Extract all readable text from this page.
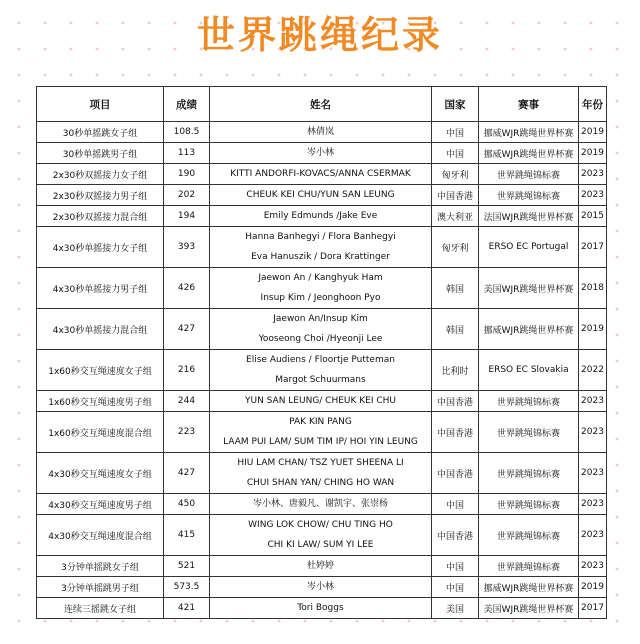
世界跳绳纪录
项目	成绩	姓名	国家	赛事	年份
30秒单摇跳女子组	108.5	林倩岚	中国	挪威WJR跳绳世界杯赛	2019
30秒单摇跳男子组	113	岑小林	中国	挪威WJR跳绳世界杯赛	2019
2x30秒双摇接力女子组	190	KITTI ANDORFI-KOVACS/ANNA CSERMAK	匈牙利	世界跳绳锦标赛	2023
2x30秒双摇接力男子组	202	CHEUK KEI CHU/YUN SAN LEUNG	中国香港	世界跳绳锦标赛	2023
2x30秒双摇接力混合组	194	Emily Edmunds /Jake Eve	澳大利亚	法国WJR跳绳世界杯赛	2015
4x30秒单摇接力女子组	393	Hanna Banhegyi / Flora Banhegyi
Eva Hanuszik / Dora Krattinger	匈牙利	ERSO EC Portugal	2017
4x30秒单摇接力男子组	426	Jaewon An / Kanghyuk Ham
Insup Kim / Jeonghoon Pyo	韩国	美国WJR跳绳世界杯赛	2018
4x30秒单摇接力混合组	427	Jaewon An/Insup Kim
Yooseong Choi /Hyeonji Lee	韩国	挪威WJR跳绳世界杯赛	2019
1x60秒交互绳速度女子组	216	Elise Audiens / Floortje Putteman
Margot Schuurmans	比利时	ERSO EC Slovakia	2022
1x60秒交互绳速度男子组	244	YUN SAN LEUNG/ CHEUK KEI CHU	中国香港	世界跳绳锦标赛	2023
1x60秒交互绳速度混合组	223	PAK KIN PANG
LAAM PUI LAM/ SUM TIM IP/ HOI YIN LEUNG	中国香港	世界跳绳锦标赛	2023
4x30秒交互绳速度女子组	427	HIU LAM CHAN/ TSZ YUET SHEENA LI
CHUI SHAN YAN/ CHING HO WAN	中国香港	世界跳绳锦标赛	2023
4x30秒交互绳速度男子组	450	岑小林、唐毅凡、谢凯宇、张崇杨	中国	世界跳绳锦标赛	2023
4x30秒交互绳速度混合组	415	WING LOK CHOW/ CHU TING HO
CHI KI LAW/ SUM YI LEE	中国香港	世界跳绳锦标赛	2023
3分钟单摇跳女子组	521	杜婷婷	中国	世界跳绳锦标赛	2023
3分钟单摇跳男子组	573.5	岑小林	中国	挪威WJR跳绳世界杯赛	2019
连续三摇跳女子组	421	Tori Boggs	美国	美国WJR跳绳世界杯赛	2017
